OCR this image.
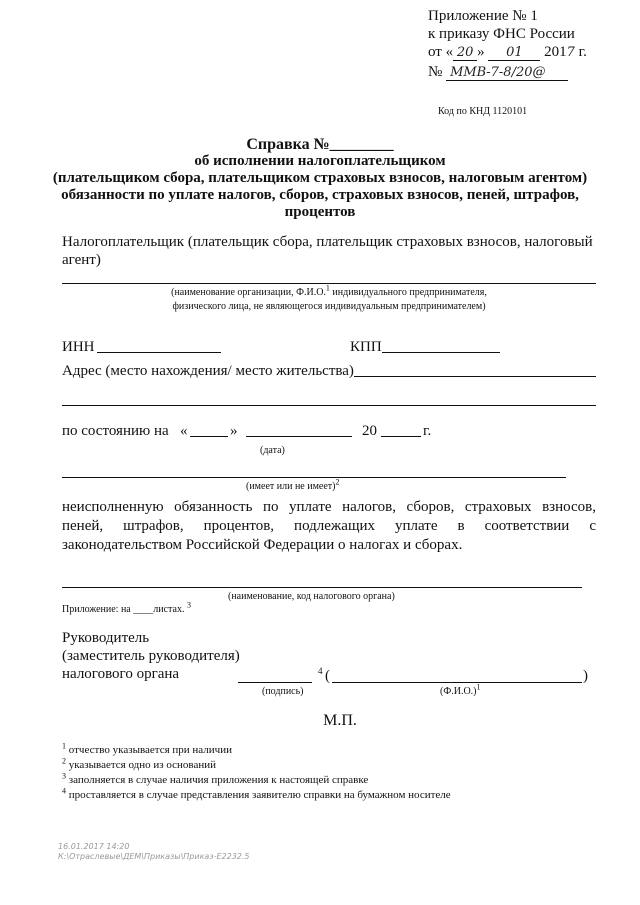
Приложение № 1
к приказу ФНС России
от « 20 » 01 2017 г.
№ ММВ-7-8/20@
Код по КНД 1120101
Справка №________
об исполнении налогоплательщиком
(плательщиком сбора, плательщиком страховых взносов, налоговым агентом)
обязанности по уплате налогов, сборов, страховых взносов, пеней, штрафов,
процентов
Налогоплательщик (плательщик сбора, плательщик страховых взносов, налоговый
агент)
(наименование организации, Ф.И.О.$^1$ индивидуального предпринимателя,
физического лица, не являющегося индивидуальным предпринимателем)
ИНН	КПП
Адрес (место нахождения/ место жительства)
по состоянию на «	»	20	г.
(дата)
(имеет или не имеет)$^2$
неисполненную обязанность по уплате налогов, сборов, страховых взносов,
пеней, штрафов, процентов, подлежащих уплате в соответствии с
законодательством Российской Федерации о налогах и сборах.
(наименование, код налогового органа)
Приложение: на ____листах. $^3$
Руководитель
(заместитель руководителя)
налогового органа	4 (	)
(подпись)	$(Ф.И.О.)^1$
М.П.
$^1$ отчество указывается при наличии
$^2$ указывается одно из оснований
$^3$ заполняется в случае наличия приложения к настоящей справке
$^4$ проставляется в случае представления заявителю справки на бумажном носителе
16.01.2017 14:20
К:\Отраслевые\ДЕМ\Приказы\Приказ-E2232.5
